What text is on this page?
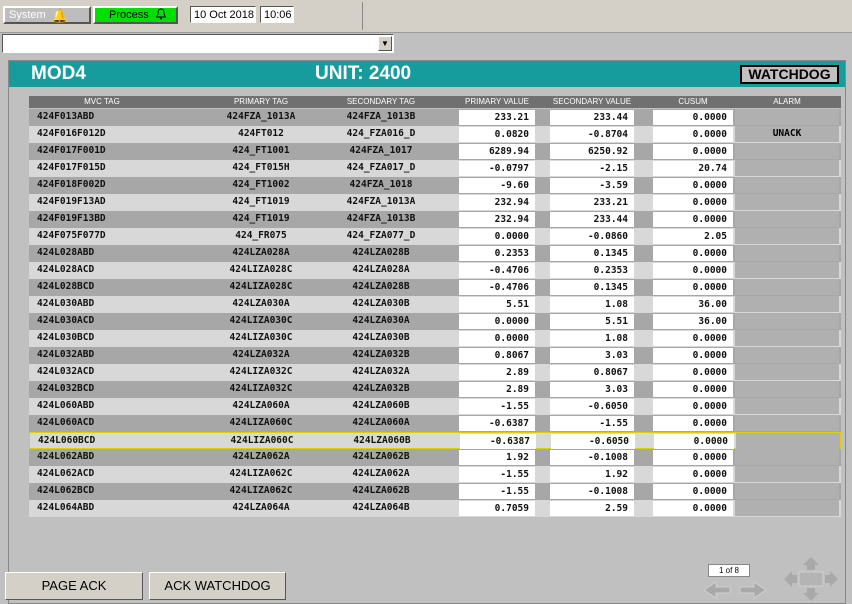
System 🔔	Process	10 Oct 2018 10:06
▼
MOD4	UNIT: 2400	WATCHDOG
MVC TAG	PRIMARY TAG	SECONDARY TAG	PRIMARY VALUE	SECONDARY VALUE	CUSUM	ALARM
424F013ABD	424FZA_1013A	424FZA_1013B	233.21	233.44	0.0000
424F016F012D	424FT012	424_FZA016_D	0.0820	-0.8704	0.0000	UNACK
424F017F001D	424_FT1001	424FZA_1017	6289.94	6250.92	0.0000
424F017F015D	424_FT015H	424_FZA017_D	-0.0797	-2.15	20.74
424F018F002D	424_FT1002	424FZA_1018	-9.60	-3.59	0.0000
424F019F13AD	424_FT1019	424FZA_1013A	232.94	233.21	0.0000
424F019F13BD	424_FT1019	424FZA_1013B	232.94	233.44	0.0000
424F075F077D	424_FR075	424_FZA077_D	0.0000	-0.0860	2.05
424L028ABD	424LZA028A	424LZA028B	0.2353	0.1345	0.0000
424L028ACD	424LIZA028C	424LZA028A	-0.4706	0.2353	0.0000
424L028BCD	424LIZA028C	424LZA028B	-0.4706	0.1345	0.0000
424L030ABD	424LZA030A	424LZA030B	5.51	1.08	36.00
424L030ACD	424LIZA030C	424LZA030A	0.0000	5.51	36.00
424L030BCD	424LIZA030C	424LZA030B	0.0000	1.08	0.0000
424L032ABD	424LZA032A	424LZA032B	0.8067	3.03	0.0000
424L032ACD	424LIZA032C	424LZA032A	2.89	0.8067	0.0000
424L032BCD	424LIZA032C	424LZA032B	2.89	3.03	0.0000
424L060ABD	424LZA060A	424LZA060B	-1.55	-0.6050	0.0000
424L060ACD	424LIZA060C	424LZA060A	-0.6387	-1.55	0.0000
424L060BCD	424LIZA060C	424LZA060B	-0.6387	-0.6050	0.0000
424L062ABD	424LZA062A	424LZA062B	1.92	-0.1008	0.0000
424L062ACD	424LIZA062C	424LZA062A	-1.55	1.92	0.0000
424L062BCD	424LIZA062C	424LZA062B	-1.55	-0.1008	0.0000
424L064ABD	424LZA064A	424LZA064B	0.7059	2.59	0.0000
PAGE ACK	ACK WATCHDOG
1 of 8
